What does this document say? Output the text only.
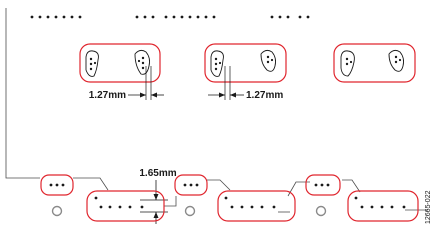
1.27mm	1.27mm
1.65mm
12665-022
